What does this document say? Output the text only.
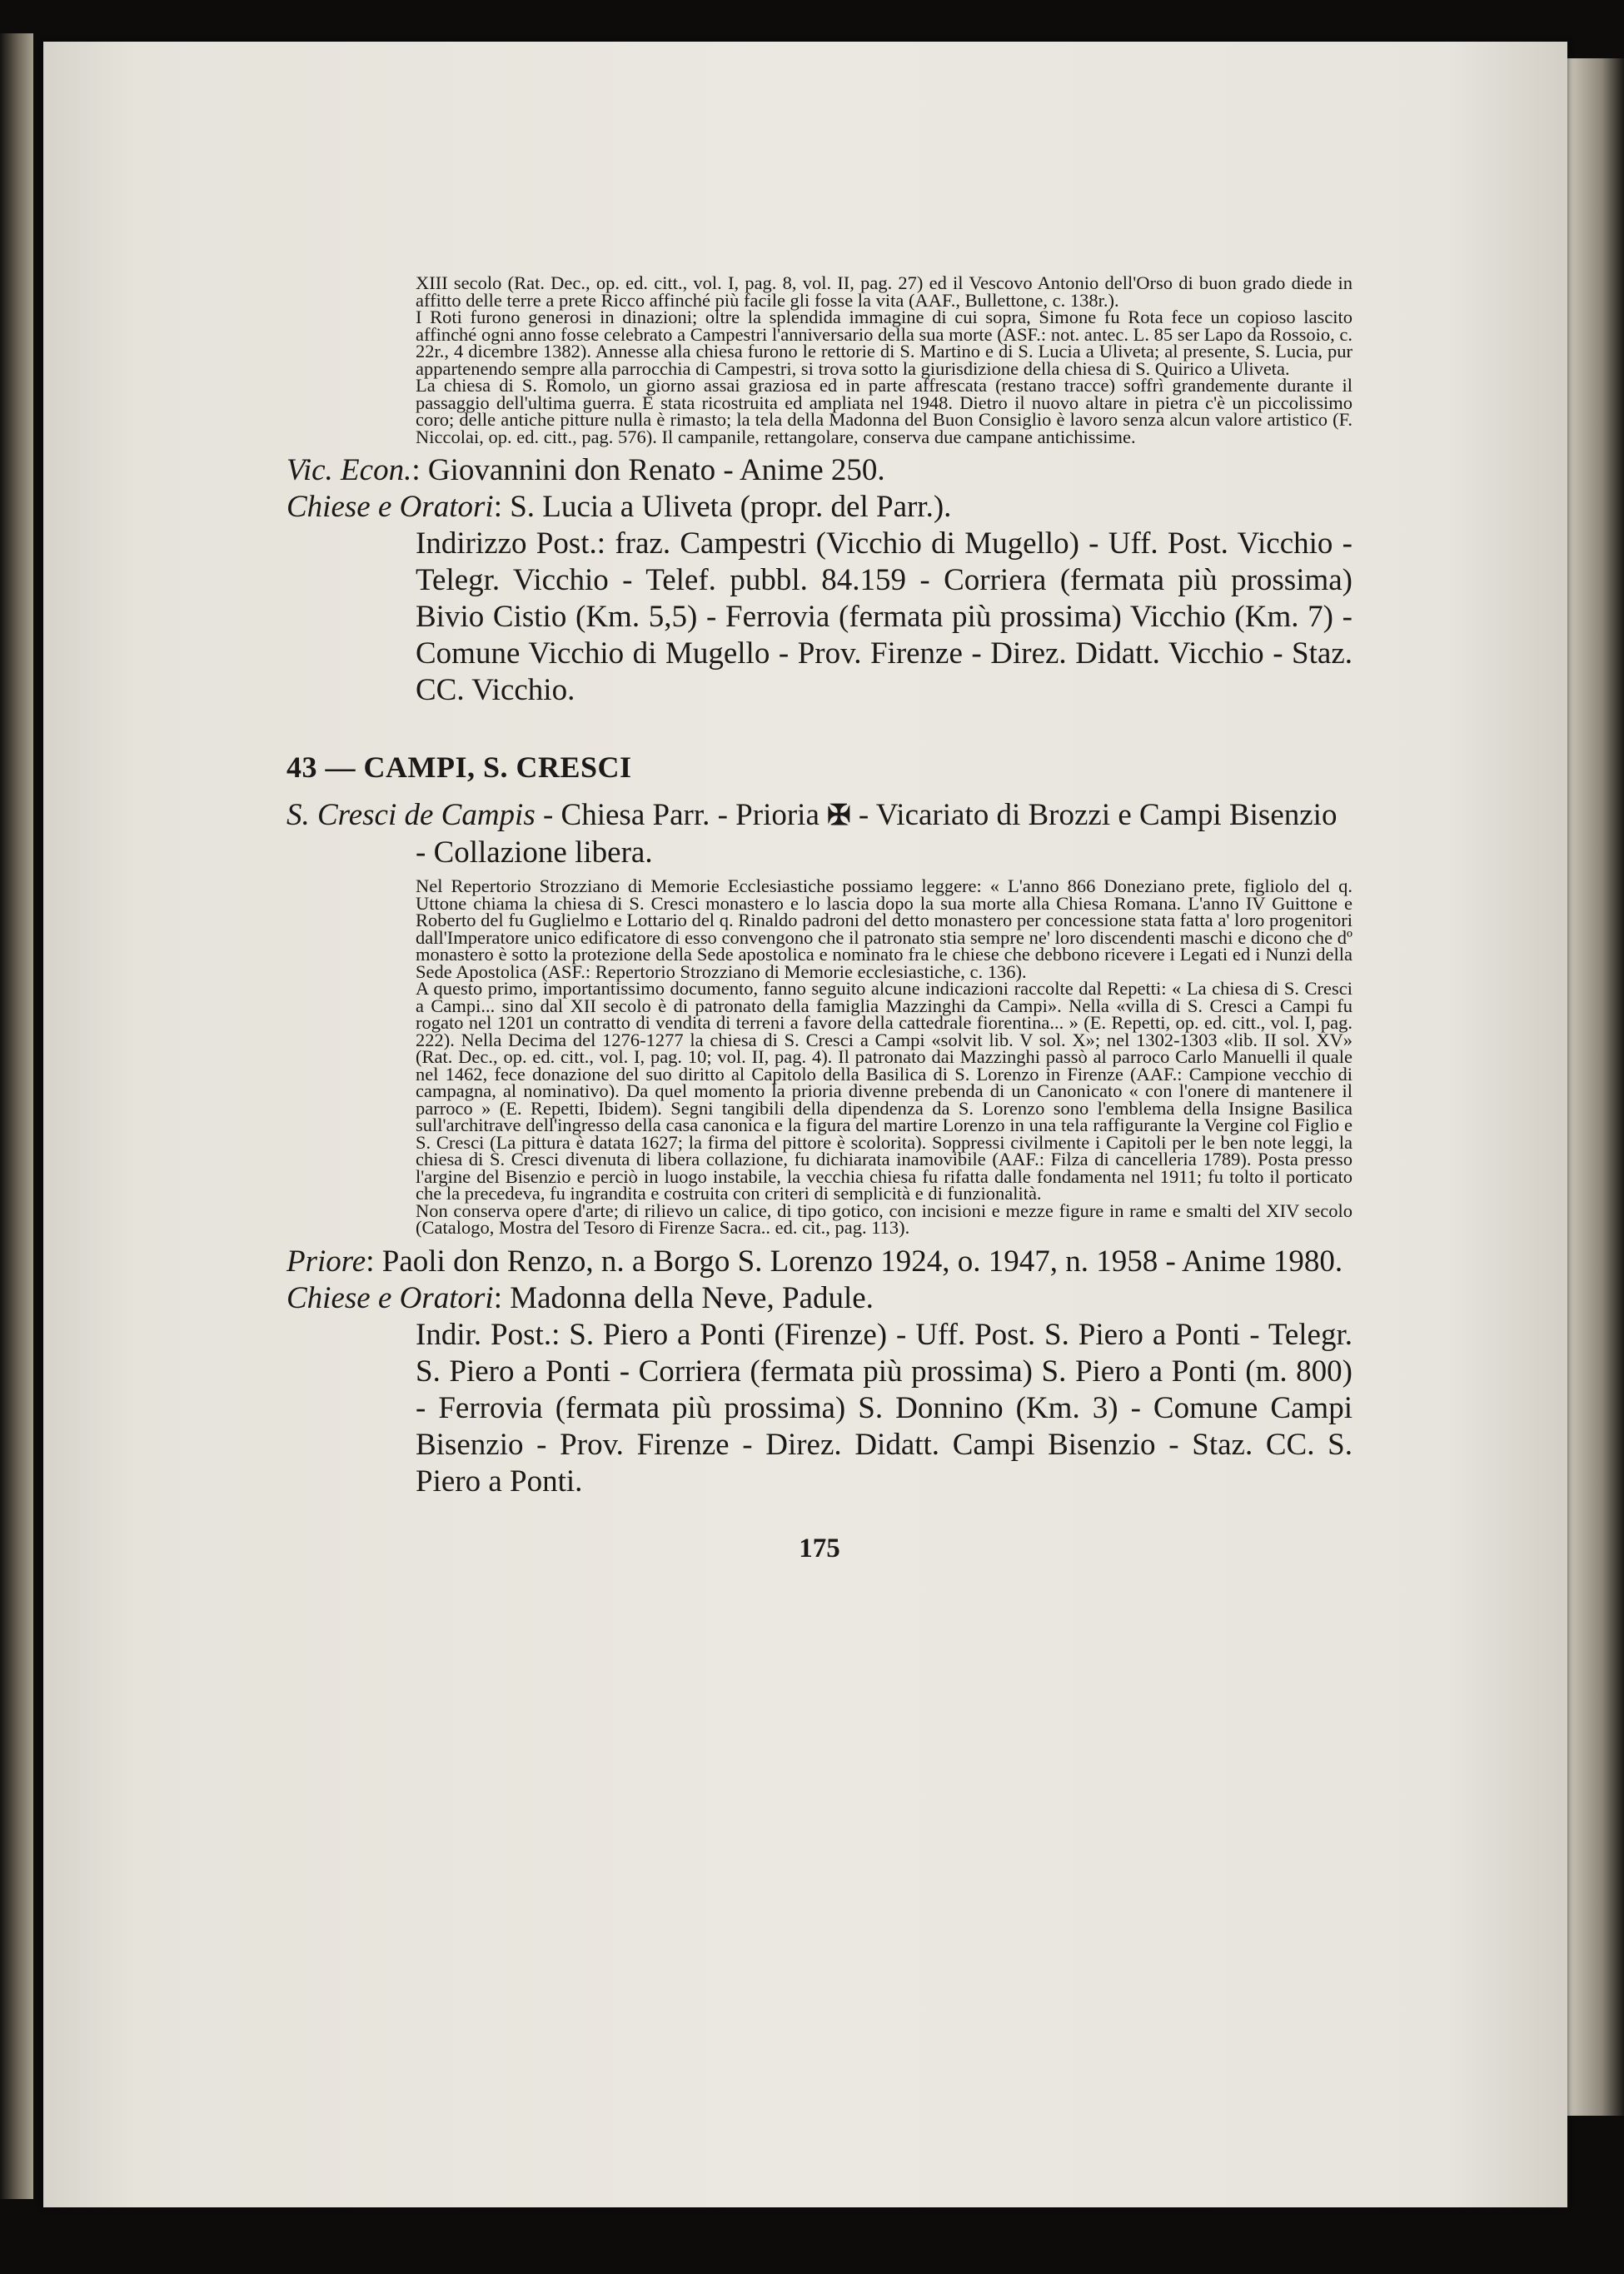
XIII secolo (Rat. Dec., op. ed. citt., vol. I, pag. 8, vol. II, pag. 27) ed il Vescovo Antonio dell'Orso di buon grado diede in affitto delle terre a prete Ricco affinché più facile gli fosse la vita (AAF., Bullettone, c. 138r.).

I Roti furono generosi in dinazioni; oltre la splendida immagine di cui sopra, Simone fu Rota fece un copioso lascito affinché ogni anno fosse celebrato a Campestri l'anniversario della sua morte (ASF.: not. antec. L. 85 ser Lapo da Rossoio, c. 22r., 4 dicembre 1382). Annesse alla chiesa furono le rettorie di S. Martino e di S. Lucia a Uliveta; al presente, S. Lucia, pur appartenendo sempre alla parrocchia di Campestri, si trova sotto la giurisdizione della chiesa di S. Quirico a Uliveta.

La chiesa di S. Romolo, un giorno assai graziosa ed in parte affrescata (restano tracce) soffrì grandemente durante il passaggio dell'ultima guerra. È stata ricostruita ed ampliata nel 1948. Dietro il nuovo altare in pietra c'è un piccolissimo coro; delle antiche pitture nulla è rimasto; la tela della Madonna del Buon Consiglio è lavoro senza alcun valore artistico (F. Niccolai, op. ed. citt., pag. 576). Il campanile, rettangolare, conserva due campane antichissime.

Vic. Econ.: Giovannini don Renato - Anime 250.

Chiese e Oratori: S. Lucia a Uliveta (propr. del Parr.).

Indirizzo Post.: fraz. Campestri (Vicchio di Mugello) - Uff. Post. Vicchio - Telegr. Vicchio - Telef. pubbl. 84.159 - Corriera (fermata più prossima) Bivio Cistio (Km. 5,5) - Ferrovia (fermata più prossima) Vicchio (Km. 7) - Comune Vicchio di Mugello - Prov. Firenze - Direz. Didatt. Vicchio - Staz. CC. Vicchio.

43 — CAMPI, S. CRESCI

S. Cresci de Campis - Chiesa Parr. - Prioria ✠ - Vicariato di Brozzi e Campi Bisenzio - Collazione libera.

Nel Repertorio Strozziano di Memorie Ecclesiastiche possiamo leggere: « L'anno 866 Doneziano prete, figliolo del q. Uttone chiama la chiesa di S. Cresci monastero e lo lascia dopo la sua morte alla Chiesa Romana. L'anno IV Guittone e Roberto del fu Guglielmo e Lottario del q. Rinaldo padroni del detto monastero per concessione stata fatta a' loro progenitori dall'Imperatore unico edificatore di esso convengono che il patronato stia sempre ne' loro discendenti maschi e dicono che dº monastero è sotto la protezione della Sede apostolica e nominato fra le chiese che debbono ricevere i Legati ed i Nunzi della Sede Apostolica (ASF.: Repertorio Strozziano di Memorie ecclesiastiche, c. 136).

A questo primo, importantissimo documento, fanno seguito alcune indicazioni raccolte dal Repetti: « La chiesa di S. Cresci a Campi... sino dal XII secolo è di patronato della famiglia Mazzinghi da Campi». Nella «villa di S. Cresci a Campi fu rogato nel 1201 un contratto di vendita di terreni a favore della cattedrale fiorentina... » (E. Repetti, op. ed. citt., vol. I, pag. 222). Nella Decima del 1276-1277 la chiesa di S. Cresci a Campi «solvit lib. V sol. X»; nel 1302-1303 «lib. II sol. XV» (Rat. Dec., op. ed. citt., vol. I, pag. 10; vol. II, pag. 4). Il patronato dai Mazzinghi passò al parroco Carlo Manuelli il quale nel 1462, fece donazione del suo diritto al Capitolo della Basilica di S. Lorenzo in Firenze (AAF.: Campione vecchio di campagna, al nominativo). Da quel momento la prioria divenne prebenda di un Canonicato « con l'onere di mantenere il parroco » (E. Repetti, Ibidem). Segni tangibili della dipendenza da S. Lorenzo sono l'emblema della Insigne Basilica sull'architrave dell'ingresso della casa canonica e la figura del martire Lorenzo in una tela raffigurante la Vergine col Figlio e S. Cresci (La pittura è datata 1627; la firma del pittore è scolorita). Soppressi civilmente i Capitoli per le ben note leggi, la chiesa di S. Cresci divenuta di libera collazione, fu dichiarata inamovibile (AAF.: Filza di cancelleria 1789). Posta presso l'argine del Bisenzio e perciò in luogo instabile, la vecchia chiesa fu rifatta dalle fondamenta nel 1911; fu tolto il porticato che la precedeva, fu ingrandita e costruita con criteri di semplicità e di funzionalità.

Non conserva opere d'arte; di rilievo un calice, di tipo gotico, con incisioni e mezze figure in rame e smalti del XIV secolo (Catalogo, Mostra del Tesoro di Firenze Sacra.. ed. cit., pag. 113).

Priore: Paoli don Renzo, n. a Borgo S. Lorenzo 1924, o. 1947, n. 1958 - Anime 1980.

Chiese e Oratori: Madonna della Neve, Padule.

Indir. Post.: S. Piero a Ponti (Firenze) - Uff. Post. S. Piero a Ponti - Telegr. S. Piero a Ponti - Corriera (fermata più prossima) S. Piero a Ponti (m. 800) - Ferrovia (fermata più prossima) S. Donnino (Km. 3) - Comune Campi Bisenzio - Prov. Firenze - Direz. Didatt. Campi Bisenzio - Staz. CC. S. Piero a Ponti.

175
